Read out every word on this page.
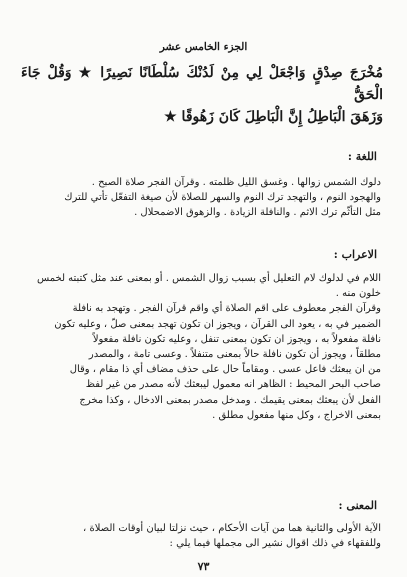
الجزء الخامس عشر
مُخْرَجَ صِدْقٍ وَاجْعَلْ لِي مِنْ لَدُنْكَ سُلْطَانًا نَصِيرًا ★ وَقُلْ جَاءَ الْحَقُّ
وَزَهَقَ الْبَاطِلُ إِنَّ الْبَاطِلَ كَانَ زَهُوقًا ★
اللغة :

دلوك الشمس زوالها . وغسق الليل ظلمته . وقرآن الفجر صلاة الصبح .

والهجود النوم ، والتهجد ترك النوم والسهر للصلاة لأن صيغة التفعّل تأتي للترك

مثل التأثّم ترك الاثم . والنافلة الزيادة . والزهوق الاضمحلال .

الاعراب :

اللام في لدلوك لام التعليل أي بسبب زوال الشمس . أو بمعنى عند مثل كتبته لخمس

خلون منه .

وقرآن الفجر معطوف على اقم الصلاة أي واقم قرآن الفجر . وتهجد به نافلة

الضمير في به ، يعود الى القرآن ، ويجوز ان تكون تهجد بمعنى صلّ ، وعليه تكون

نافلة مفعولاً به ، ويجوز ان تكون بمعنى تنفل ، وعليه تكون نافلة مفعولاً

مطلقاً ، ويجوز أن تكون نافلة حالاً بمعنى متنفلاً . وعسى تامة ، والمصدر

من ان يبعثك فاعل عسى . ومقاماً حال على حذف مضاف أي ذا مقام ، وقال

صاحب البحر المحيط : الظاهر انه معمول ليبعثك لأنه مصدر من غير لفظ

الفعل لأن يبعثك بمعنى يقيمك . ومدخل مصدر بمعنى الادخال ، وكذا مخرج

بمعنى الاخراج ، وكل منها مفعول مطلق .

المعنى :

الآية الأولى والثانية هما من آيات الأحكام ، حيث نزلتا لبيان أوقات الصلاة ،

وللفقهاء في ذلك اقوال نشير الى مجملها فيما يلي :

٧٣
